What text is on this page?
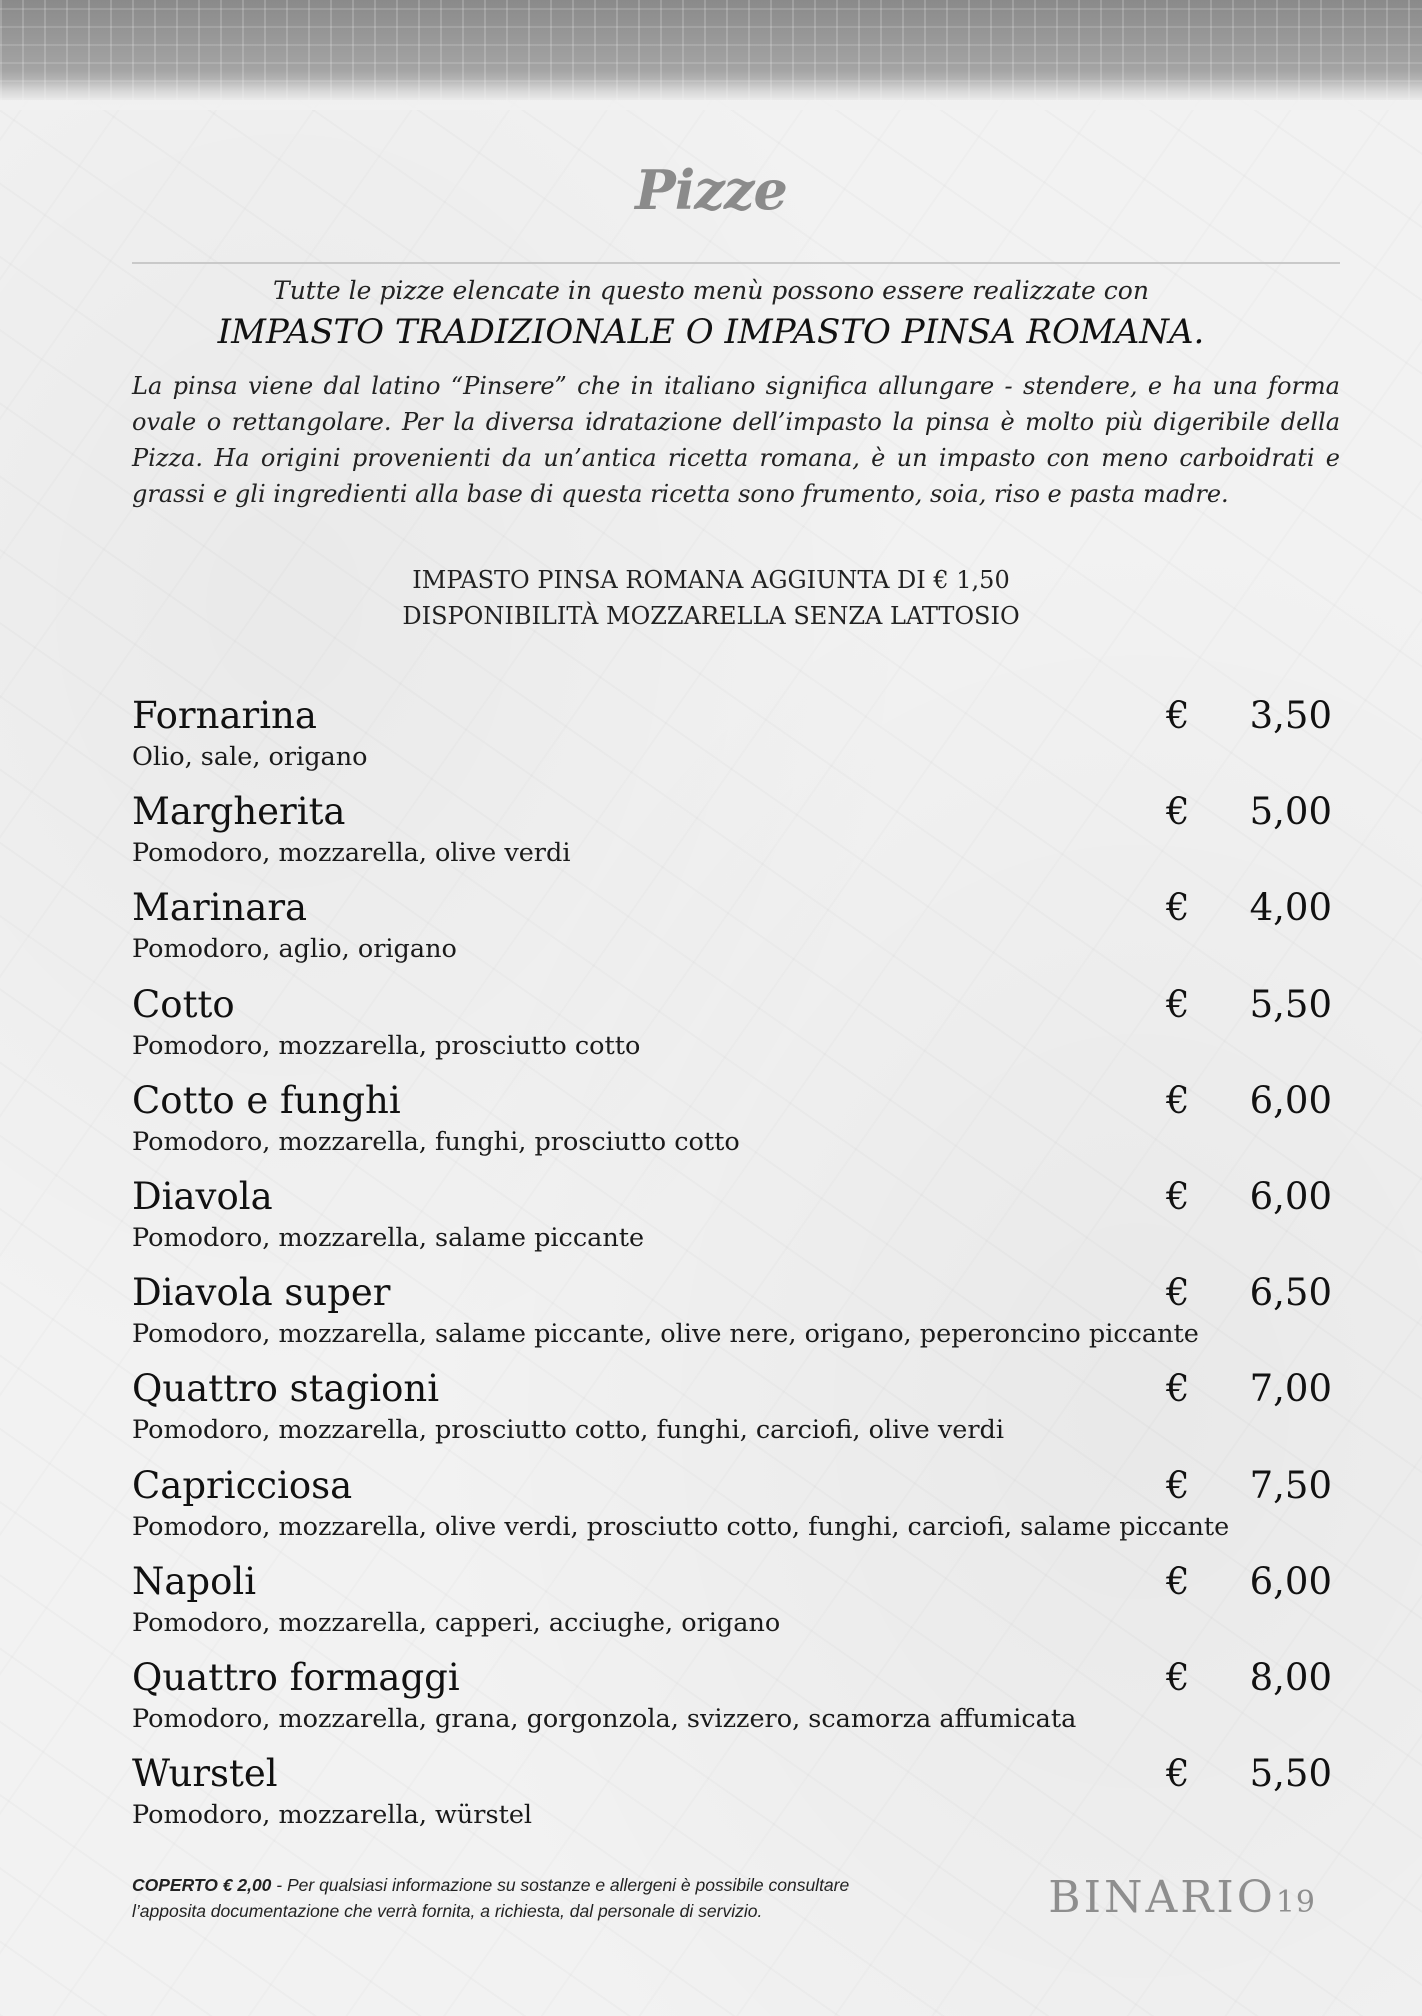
Pizze
Tutte le pizze elencate in questo menù possono essere realizzate con
IMPASTO TRADIZIONALE O IMPASTO PINSA ROMANA.
La pinsa viene dal latino “Pinsere” che in italiano significa allungare - stendere, e ha una forma ovale o rettangolare. Per la diversa idratazione dell’impasto la pinsa è molto più digeribile della Pizza. Ha origini provenienti da un’antica ricetta romana, è un impasto con meno carboidrati e grassi e gli ingredienti alla base di questa ricetta sono frumento, soia, riso e pasta madre.
IMPASTO PINSA ROMANA AGGIUNTA DI € 1,50
DISPONIBILITÀ MOZZARELLA SENZA LATTOSIO
Fornarina	€	3,50
Olio, sale, origano
Margherita	€	5,00
Pomodoro, mozzarella, olive verdi
Marinara	€	4,00
Pomodoro, aglio, origano
Cotto	€	5,50
Pomodoro, mozzarella, prosciutto cotto
Cotto e funghi	€	6,00
Pomodoro, mozzarella, funghi, prosciutto cotto
Diavola	€	6,00
Pomodoro, mozzarella, salame piccante
Diavola super	€	6,50
Pomodoro, mozzarella, salame piccante, olive nere, origano, peperoncino piccante
Quattro stagioni	€	7,00
Pomodoro, mozzarella, prosciutto cotto, funghi, carciofi, olive verdi
Capricciosa	€	7,50
Pomodoro, mozzarella, olive verdi, prosciutto cotto, funghi, carciofi, salame piccante
Napoli	€	6,00
Pomodoro, mozzarella, capperi, acciughe, origano
Quattro formaggi	€	8,00
Pomodoro, mozzarella, grana, gorgonzola, svizzero, scamorza affumicata
Wurstel	€	5,50
Pomodoro, mozzarella, würstel
COPERTO € 2,00 - Per qualsiasi informazione su sostanze e allergeni è possibile consultare
l’apposita documentazione che verrà fornita, a richiesta, dal personale di servizio.	BINARIO19
